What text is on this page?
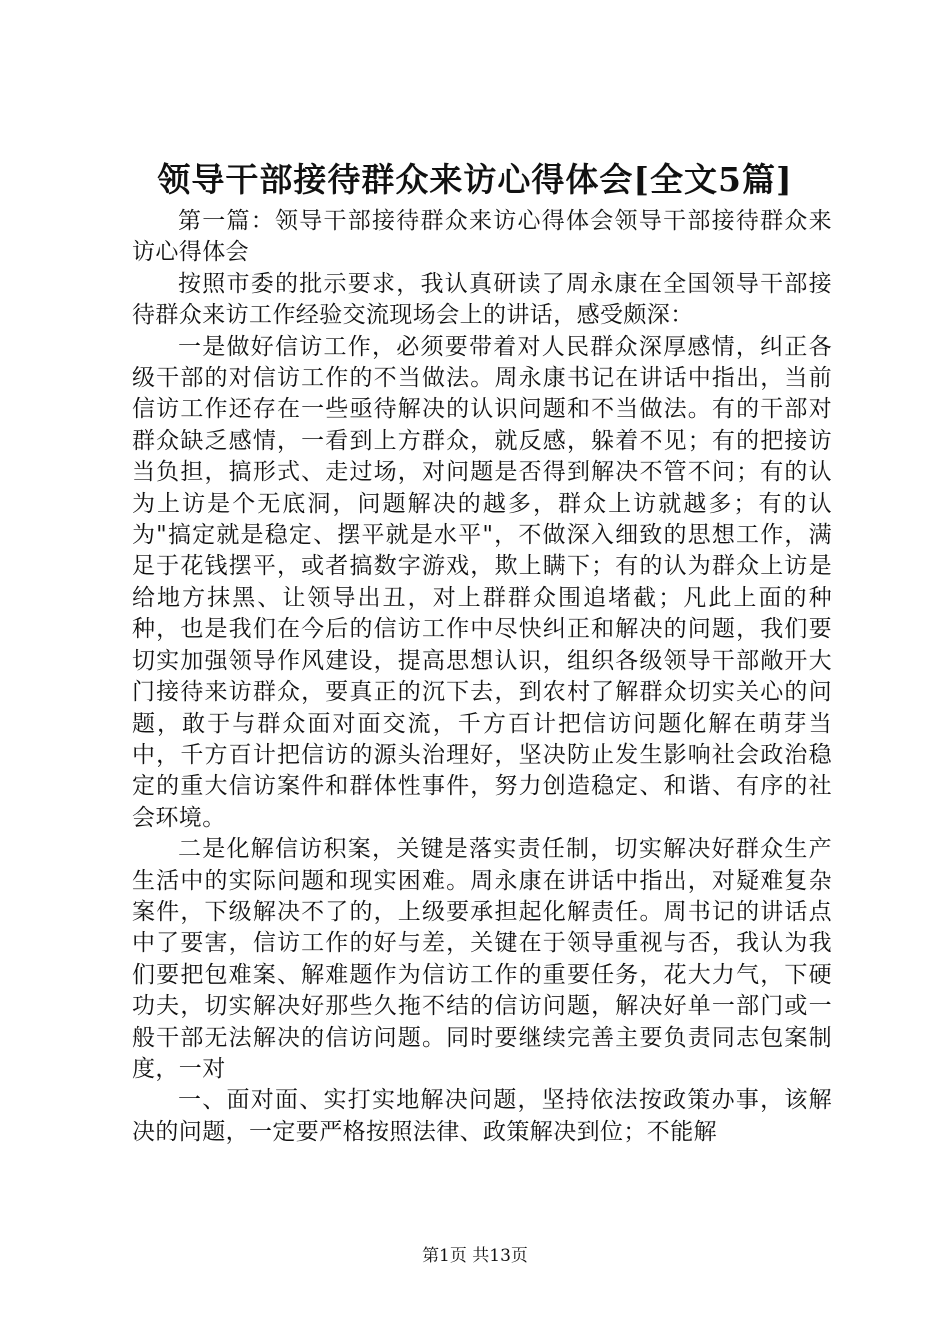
领导干部接待群众来访心得体会[全文5篇]

第一篇：领导干部接待群众来访心得体会领导干部接待群众来访心得体会

按照市委的批示要求，我认真研读了周永康在全国领导干部接待群众来访工作经验交流现场会上的讲话，感受颇深：

一是做好信访工作，必须要带着对人民群众深厚感情，纠正各级干部的对信访工作的不当做法。周永康书记在讲话中指出，当前信访工作还存在一些亟待解决的认识问题和不当做法。有的干部对群众缺乏感情，一看到上方群众，就反感，躲着不见；有的把接访当负担，搞形式、走过场，对问题是否得到解决不管不问；有的认为上访是个无底洞，问题解决的越多，群众上访就越多；有的认为"搞定就是稳定、摆平就是水平"，不做深入细致的思想工作，满足于花钱摆平，或者搞数字游戏，欺上瞒下；有的认为群众上访是给地方抹黑、让领导出丑，对上群群众围追堵截；凡此上面的种种，也是我们在今后的信访工作中尽快纠正和解决的问题，我们要切实加强领导作风建设，提高思想认识，组织各级领导干部敞开大门接待来访群众，要真正的沉下去，到农村了解群众切实关心的问题，敢于与群众面对面交流，千方百计把信访问题化解在萌芽当中，千方百计把信访的源头治理好，坚决防止发生影响社会政治稳定的重大信访案件和群体性事件，努力创造稳定、和谐、有序的社会环境。

二是化解信访积案，关键是落实责任制，切实解决好群众生产生活中的实际问题和现实困难。周永康在讲话中指出，对疑难复杂案件，下级解决不了的，上级要承担起化解责任。周书记的讲话点中了要害，信访工作的好与差，关键在于领导重视与否，我认为我们要把包难案、解难题作为信访工作的重要任务，花大力气，下硬功夫，切实解决好那些久拖不结的信访问题，解决好单一部门或一般干部无法解决的信访问题。同时要继续完善主要负责同志包案制度，一对

一、面对面、实打实地解决问题，坚持依法按政策办事，该解决的问题，一定要严格按照法律、政策解决到位；不能解

第1页 共13页
